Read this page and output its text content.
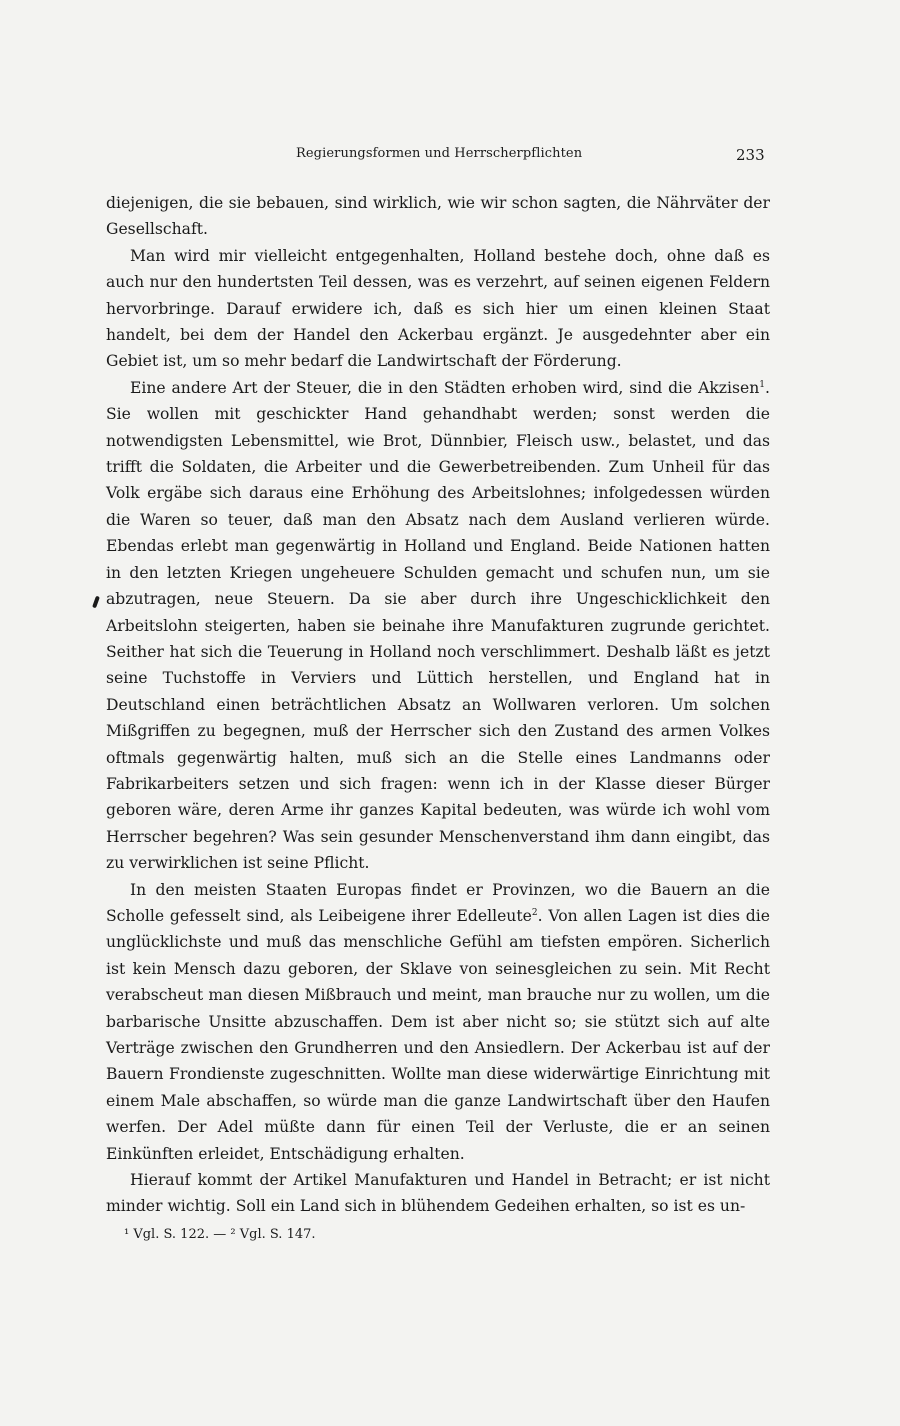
Regierungsformen und Herrscherpflichten	233

diejenigen, die sie bebauen, sind wirklich, wie wir schon sagten, die Nährväter der Gesellschaft.

Man wird mir vielleicht entgegenhalten, Holland bestehe doch, ohne daß es auch nur den hundertsten Teil dessen, was es verzehrt, auf seinen eigenen Feldern hervorbringe. Darauf erwidere ich, daß es sich hier um einen kleinen Staat handelt, bei dem der Handel den Ackerbau ergänzt. Je ausgedehnter aber ein Gebiet ist, um so mehr bedarf die Landwirtschaft der Förderung.

Eine andere Art der Steuer, die in den Städten erhoben wird, sind die Akzisen$^1$. Sie wollen mit geschickter Hand gehandhabt werden; sonst werden die notwendigsten Lebensmittel, wie Brot, Dünnbier, Fleisch usw., belastet, und das trifft die Soldaten, die Arbeiter und die Gewerbetreibenden. Zum Unheil für das Volk ergäbe sich daraus eine Erhöhung des Arbeitslohnes; infolgedessen würden die Waren so teuer, daß man den Absatz nach dem Ausland verlieren würde. Ebendas erlebt man gegenwärtig in Holland und England. Beide Nationen hatten in den letzten Kriegen ungeheuere Schulden gemacht und schufen nun, um sie abzutragen, neue Steuern. Da sie aber durch ihre Ungeschicklichkeit den Arbeitslohn steigerten, haben sie beinahe ihre Manufakturen zugrunde gerichtet. Seither hat sich die Teuerung in Holland noch verschlimmert. Deshalb läßt es jetzt seine Tuchstoffe in Verviers und Lüttich herstellen, und England hat in Deutschland einen beträchtlichen Absatz an Wollwaren verloren. Um solchen Mißgriffen zu begegnen, muß der Herrscher sich den Zustand des armen Volkes oftmals gegenwärtig halten, muß sich an die Stelle eines Landmanns oder Fabrikarbeiters setzen und sich fragen: wenn ich in der Klasse dieser Bürger geboren wäre, deren Arme ihr ganzes Kapital bedeuten, was würde ich wohl vom Herrscher begehren? Was sein gesunder Menschenverstand ihm dann eingibt, das zu verwirklichen ist seine Pflicht.

In den meisten Staaten Europas findet er Provinzen, wo die Bauern an die Scholle gefesselt sind, als Leibeigene ihrer Edelleute$^2$. Von allen Lagen ist dies die unglücklichste und muß das menschliche Gefühl am tiefsten empören. Sicherlich ist kein Mensch dazu geboren, der Sklave von seinesgleichen zu sein. Mit Recht verabscheut man diesen Mißbrauch und meint, man brauche nur zu wollen, um die barbarische Unsitte abzuschaffen. Dem ist aber nicht so; sie stützt sich auf alte Verträge zwischen den Grundherren und den Ansiedlern. Der Ackerbau ist auf der Bauern Frondienste zugeschnitten. Wollte man diese widerwärtige Einrichtung mit einem Male abschaffen, so würde man die ganze Landwirtschaft über den Haufen werfen. Der Adel müßte dann für einen Teil der Verluste, die er an seinen Einkünften erleidet, Entschädigung erhalten.

Hierauf kommt der Artikel Manufakturen und Handel in Betracht; er ist nicht minder wichtig. Soll ein Land sich in blühendem Gedeihen erhalten, so ist es un-

¹ Vgl. S. 122. — ² Vgl. S. 147.
